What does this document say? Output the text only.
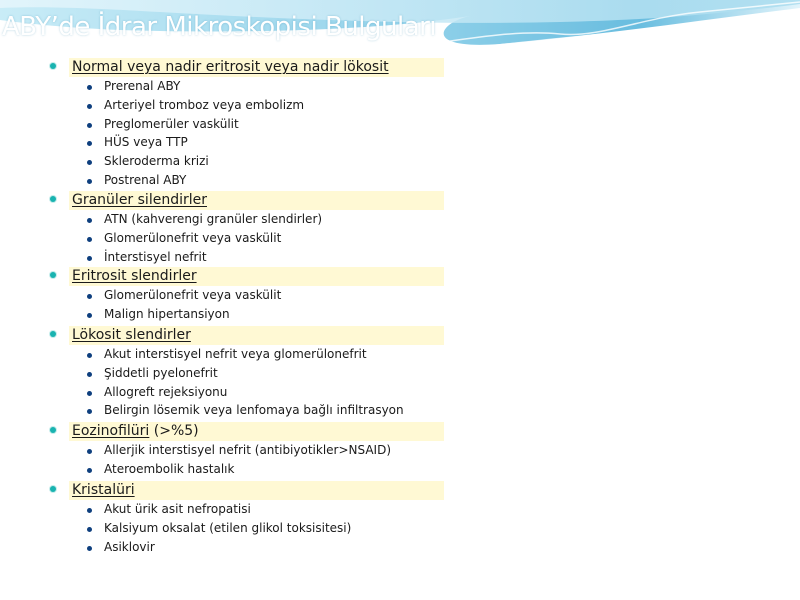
ABY’de İdrar Mikroskopisi Bulguları
Normal veya nadir eritrosit veya nadir lökosit
Prerenal ABY
Arteriyel tromboz veya embolizm
Preglomerüler vaskülit
HÜS veya TTP
Skleroderma krizi
Postrenal ABY
Granüler silendirler
ATN (kahverengi granüler slendirler)
Glomerülonefrit veya vaskülit
İnterstisyel nefrit
Eritrosit slendirler
Glomerülonefrit veya vaskülit
Malign hipertansiyon
Lökosit slendirler
Akut interstisyel nefrit veya glomerülonefrit
Şiddetli pyelonefrit
Allogreft rejeksiyonu
Belirgin lösemik veya lenfomaya bağlı infiltrasyon
Eozinofilüri (>%5)
Allerjik interstisyel nefrit (antibiyotikler>NSAID)
Ateroembolik hastalık
Kristalüri
Akut ürik asit nefropatisi
Kalsiyum oksalat (etilen glikol toksisitesi)
Asiklovir
